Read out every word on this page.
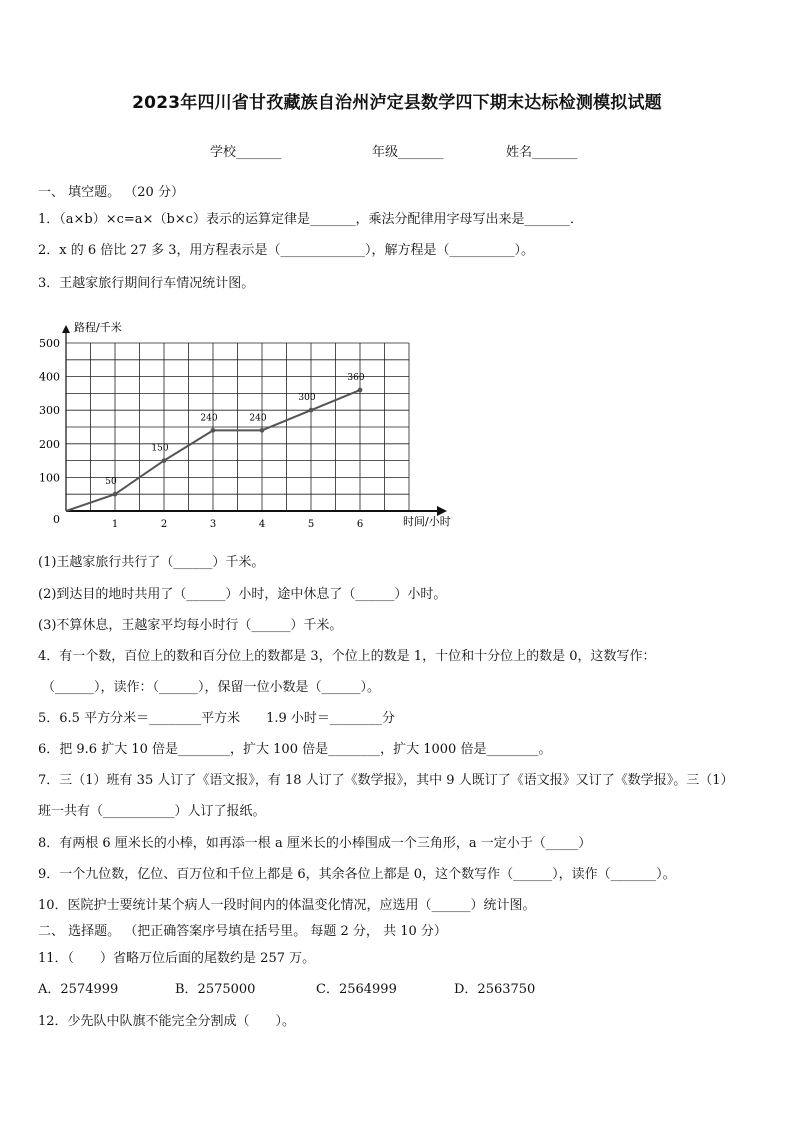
2023年四川省甘孜藏族自治州泸定县数学四下期末达标检测模拟试题
学校_______	年级_______	姓名_______
一、 填空题。 （20 分）
1．（a×b）×c=a×（b×c）表示的运算定律是_______，乘法分配律用字母写出来是_______．
2．x 的 6 倍比 27 多 3，用方程表示是（_____________），解方程是（__________）。
3．王越家旅行期间行车情况统计图。
路程/千米
时间/小时
100
200
300
400
500
0	1	2	3	4	5	6
50
150
240	240
300
360
(1)王越家旅行共行了（______）千米。
(2)到达目的地时共用了（______）小时，途中休息了（______）小时。
(3)不算休息，王越家平均每小时行（______）千米。
4．有一个数，百位上的数和百分位上的数都是 3，个位上的数是 1，十位和十分位上的数是 0，这数写作：
（______），读作：（______），保留一位小数是（______）。
5．6.5 平方分米＝________平方米　　1.9 小时＝________分
6．把 9.6 扩大 10 倍是________，扩大 100 倍是________，扩大 1000 倍是________。
7．三（1）班有 35 人订了《语文报》，有 18 人订了《数学报》，其中 9 人既订了《语文报》又订了《数学报》。三（1）
班一共有（___________）人订了报纸。
8．有两根 6 厘米长的小棒，如再添一根 a 厘米长的小棒围成一个三角形，a 一定小于（_____）
9．一个九位数，亿位、百万位和千位上都是 6，其余各位上都是 0，这个数写作（______），读作（_______）。
10．医院护士要统计某个病人一段时间内的体温变化情况，应选用（______）统计图。
二、 选择题。 （把正确答案序号填在括号里。 每题 2 分， 共 10 分）
11．（　　）省略万位后面的尾数约是 257 万。
A．2574999	B．2575000	C．2564999	D．2563750
12．少先队中队旗不能完全分割成（　　）。
